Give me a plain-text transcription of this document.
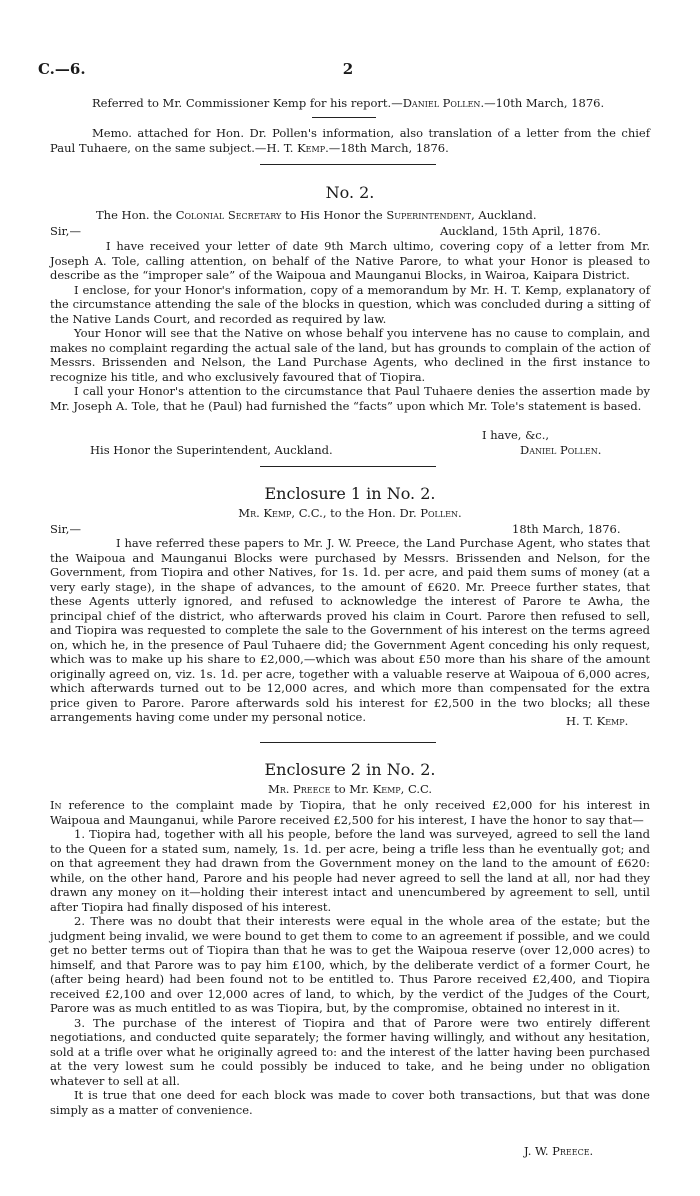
C.—6.	2

Referred to Mr. Commissioner Kemp for his report.—Daniel Pollen.—10th March, 1876.

Memo. attached for Hon. Dr. Pollen's information, also translation of a letter from the chief Paul Tuhaere, on the same subject.—H. T. Kemp.—18th March, 1876.

No. 2.
The Hon. the Colonial Secretary to His Honor the Superintendent, Auckland.
Sir,—	Auckland, 15th April, 1876.

I have received your letter of date 9th March ultimo, covering copy of a letter from Mr. Joseph A. Tole, calling attention, on behalf of the Native Parore, to what your Honor is pleased to describe as the “improper sale” of the Waipoua and Maunganui Blocks, in Wairoa, Kaipara District.

I enclose, for your Honor's information, copy of a memorandum by Mr. H. T. Kemp, explanatory of the circumstance attending the sale of the blocks in question, which was concluded during a sitting of the Native Lands Court, and recorded as required by law.

Your Honor will see that the Native on whose behalf you intervene has no cause to complain, and makes no complaint regarding the actual sale of the land, but has grounds to complain of the action of Messrs. Brissenden and Nelson, the Land Purchase Agents, who declined in the first instance to recognize his title, and who exclusively favoured that of Tiopira.

I call your Honor's attention to the circumstance that Paul Tuhaere denies the assertion made by Mr. Joseph A. Tole, that he (Paul) had furnished the “facts” upon which Mr. Tole's statement is based.

I have, &c.,
His Honor the Superintendent, Auckland.	Daniel Pollen.
Enclosure 1 in No. 2.
Mr. Kemp, C.C., to the Hon. Dr. Pollen.
Sir,—	18th March, 1876.

I have referred these papers to Mr. J. W. Preece, the Land Purchase Agent, who states that the Waipoua and Maunganui Blocks were purchased by Messrs. Brissenden and Nelson, for the Government, from Tiopira and other Natives, for 1s. 1d. per acre, and paid them sums of money (at a very early stage), in the shape of advances, to the amount of £620. Mr. Preece further states, that these Agents utterly ignored, and refused to acknowledge the interest of Parore te Awha, the principal chief of the district, who afterwards proved his claim in Court. Parore then refused to sell, and Tiopira was requested to complete the sale to the Government of his interest on the terms agreed on, which he, in the presence of Paul Tuhaere did; the Government Agent conceding his only request, which was to make up his share to £2,000,—which was about £50 more than his share of the amount originally agreed on, viz. 1s. 1d. per acre, together with a valuable reserve at Waipoua of 6,000 acres, which afterwards turned out to be 12,000 acres, and which more than compensated for the extra price given to Parore. Parore afterwards sold his interest for £2,500 in the two blocks; all these arrangements having come under my personal notice.	H. T. Kemp.
Enclosure 2 in No. 2.
Mr. Preece to Mr. Kemp, C.C.

In reference to the complaint made by Tiopira, that he only received £2,000 for his interest in Waipoua and Maunganui, while Parore received £2,500 for his interest, I have the honor to say that—

1. Tiopira had, together with all his people, before the land was surveyed, agreed to sell the land to the Queen for a stated sum, namely, 1s. 1d. per acre, being a trifle less than he eventually got; and on that agreement they had drawn from the Government money on the land to the amount of £620: while, on the other hand, Parore and his people had never agreed to sell the land at all, nor had they drawn any money on it—holding their interest intact and unencumbered by agreement to sell, until after Tiopira had finally disposed of his interest.

2. There was no doubt that their interests were equal in the whole area of the estate; but the judgment being invalid, we were bound to get them to come to an agreement if possible, and we could get no better terms out of Tiopira than that he was to get the Waipoua reserve (over 12,000 acres) to himself, and that Parore was to pay him £100, which, by the deliberate verdict of a former Court, he (after being heard) had been found not to be entitled to. Thus Parore received £2,400, and Tiopira received £2,100 and over 12,000 acres of land, to which, by the verdict of the Judges of the Court, Parore was as much entitled to as was Tiopira, but, by the compromise, obtained no interest in it.

3. The purchase of the interest of Tiopira and that of Parore were two entirely different negotiations, and conducted quite separately; the former having willingly, and without any hesitation, sold at a trifle over what he originally agreed to: and the interest of the latter having been purchased at the very lowest sum he could possibly be induced to take, and he being under no obligation whatever to sell at all.

It is true that one deed for each block was made to cover both transactions, but that was done simply as a matter of convenience.

J. W. Preece.
